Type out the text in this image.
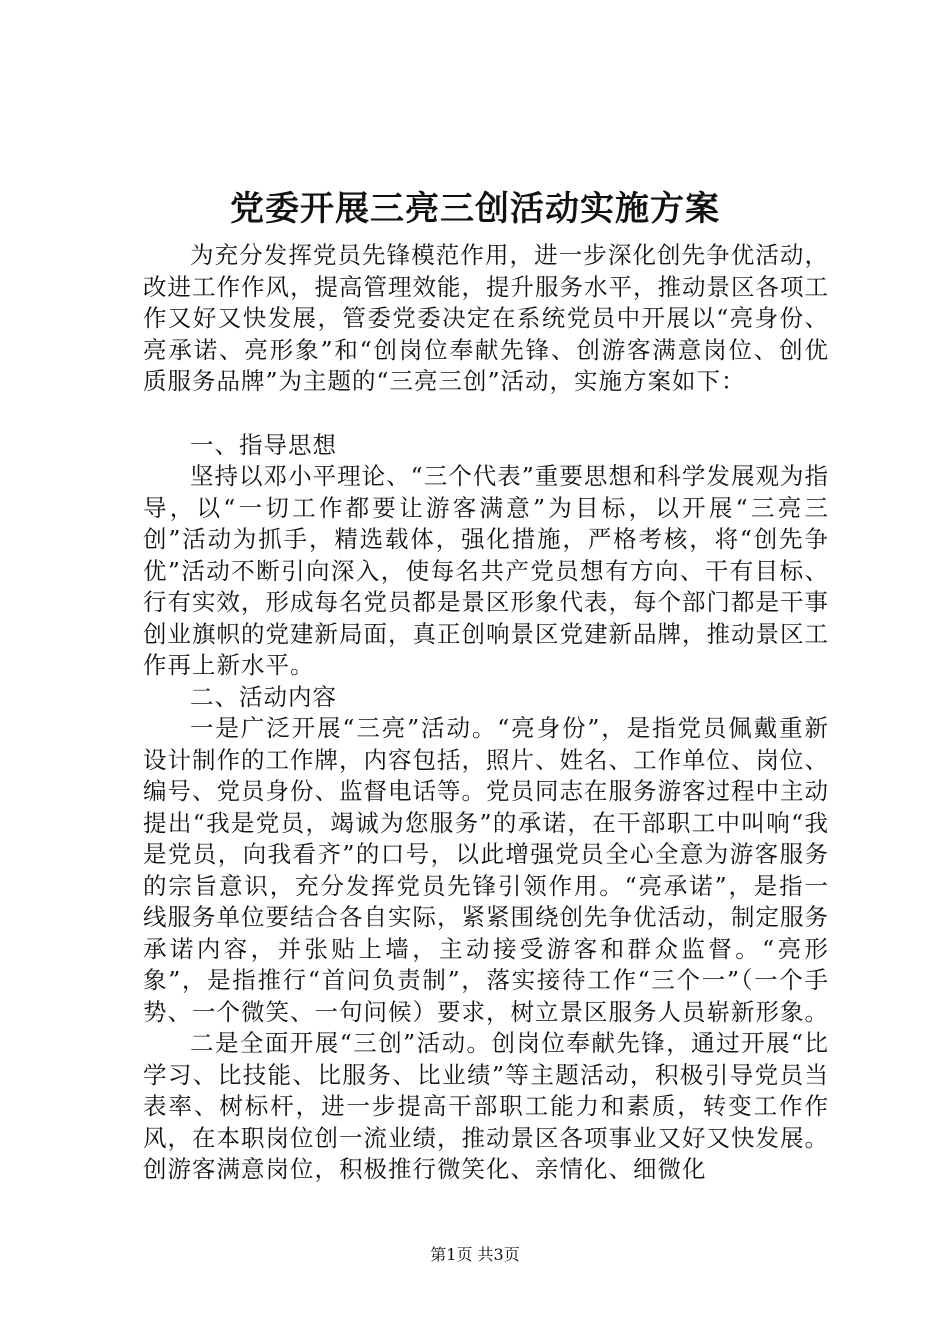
党委开展三亮三创活动实施方案

为充分发挥党员先锋模范作用，进一步深化创先争优活动，改进工作作风，提高管理效能，提升服务水平，推动景区各项工作又好又快发展，管委党委决定在系统党员中开展以“亮身份、亮承诺、亮形象”和“创岗位奉献先锋、创游客满意岗位、创优质服务品牌”为主题的“三亮三创”活动，实施方案如下：

一、指导思想

坚持以邓小平理论、“三个代表”重要思想和科学发展观为指导，以“一切工作都要让游客满意”为目标，以开展“三亮三创”活动为抓手，精选载体，强化措施，严格考核，将“创先争优”活动不断引向深入，使每名共产党员想有方向、干有目标、行有实效，形成每名党员都是景区形象代表，每个部门都是干事创业旗帜的党建新局面，真正创响景区党建新品牌，推动景区工作再上新水平。

二、活动内容

一是广泛开展“三亮”活动。“亮身份”，是指党员佩戴重新设计制作的工作牌，内容包括，照片、姓名、工作单位、岗位、编号、党员身份、监督电话等。党员同志在服务游客过程中主动提出“我是党员，竭诚为您服务”的承诺，在干部职工中叫响“我是党员，向我看齐”的口号，以此增强党员全心全意为游客服务的宗旨意识，充分发挥党员先锋引领作用。“亮承诺”，是指一线服务单位要结合各自实际，紧紧围绕创先争优活动，制定服务承诺内容，并张贴上墙，主动接受游客和群众监督。“亮形象”，是指推行“首问负责制”，落实接待工作“三个一”（一个手势、一个微笑、一句问候）要求，树立景区服务人员崭新形象。

二是全面开展“三创”活动。创岗位奉献先锋，通过开展“比学习、比技能、比服务、比业绩”等主题活动，积极引导党员当表率、树标杆，进一步提高干部职工能力和素质，转变工作作风，在本职岗位创一流业绩，推动景区各项事业又好又快发展。创游客满意岗位，积极推行微笑化、亲情化、细微化

第1页 共3页
